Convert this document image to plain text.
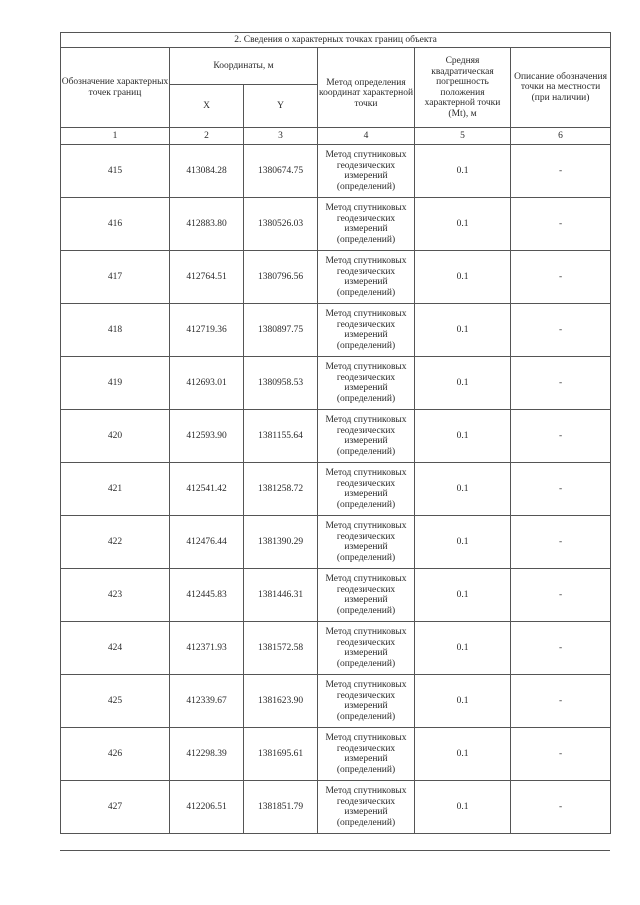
2. Сведения о характерных точках границ объекта					
Обозначение характерных точек границ	Координаты, м		Метод определения координат характерной точки	Средняя квадратическая погрешность положения характерной точки (Mt), м	Описание обозначения точки на местности (при наличии)
	X	Y			
1	2	3	4	5	6
415	413084.28	1380674.75	Метод спутниковых геодезических измерений (определений)	0.1	-
416	412883.80	1380526.03	Метод спутниковых геодезических измерений (определений)	0.1	-
417	412764.51	1380796.56	Метод спутниковых геодезических измерений (определений)	0.1	-
418	412719.36	1380897.75	Метод спутниковых геодезических измерений (определений)	0.1	-
419	412693.01	1380958.53	Метод спутниковых геодезических измерений (определений)	0.1	-
420	412593.90	1381155.64	Метод спутниковых геодезических измерений (определений)	0.1	-
421	412541.42	1381258.72	Метод спутниковых геодезических измерений (определений)	0.1	-
422	412476.44	1381390.29	Метод спутниковых геодезических измерений (определений)	0.1	-
423	412445.83	1381446.31	Метод спутниковых геодезических измерений (определений)	0.1	-
424	412371.93	1381572.58	Метод спутниковых геодезических измерений (определений)	0.1	-
425	412339.67	1381623.90	Метод спутниковых геодезических измерений (определений)	0.1	-
426	412298.39	1381695.61	Метод спутниковых геодезических измерений (определений)	0.1	-
427	412206.51	1381851.79	Метод спутниковых геодезических измерений (определений)	0.1	-
